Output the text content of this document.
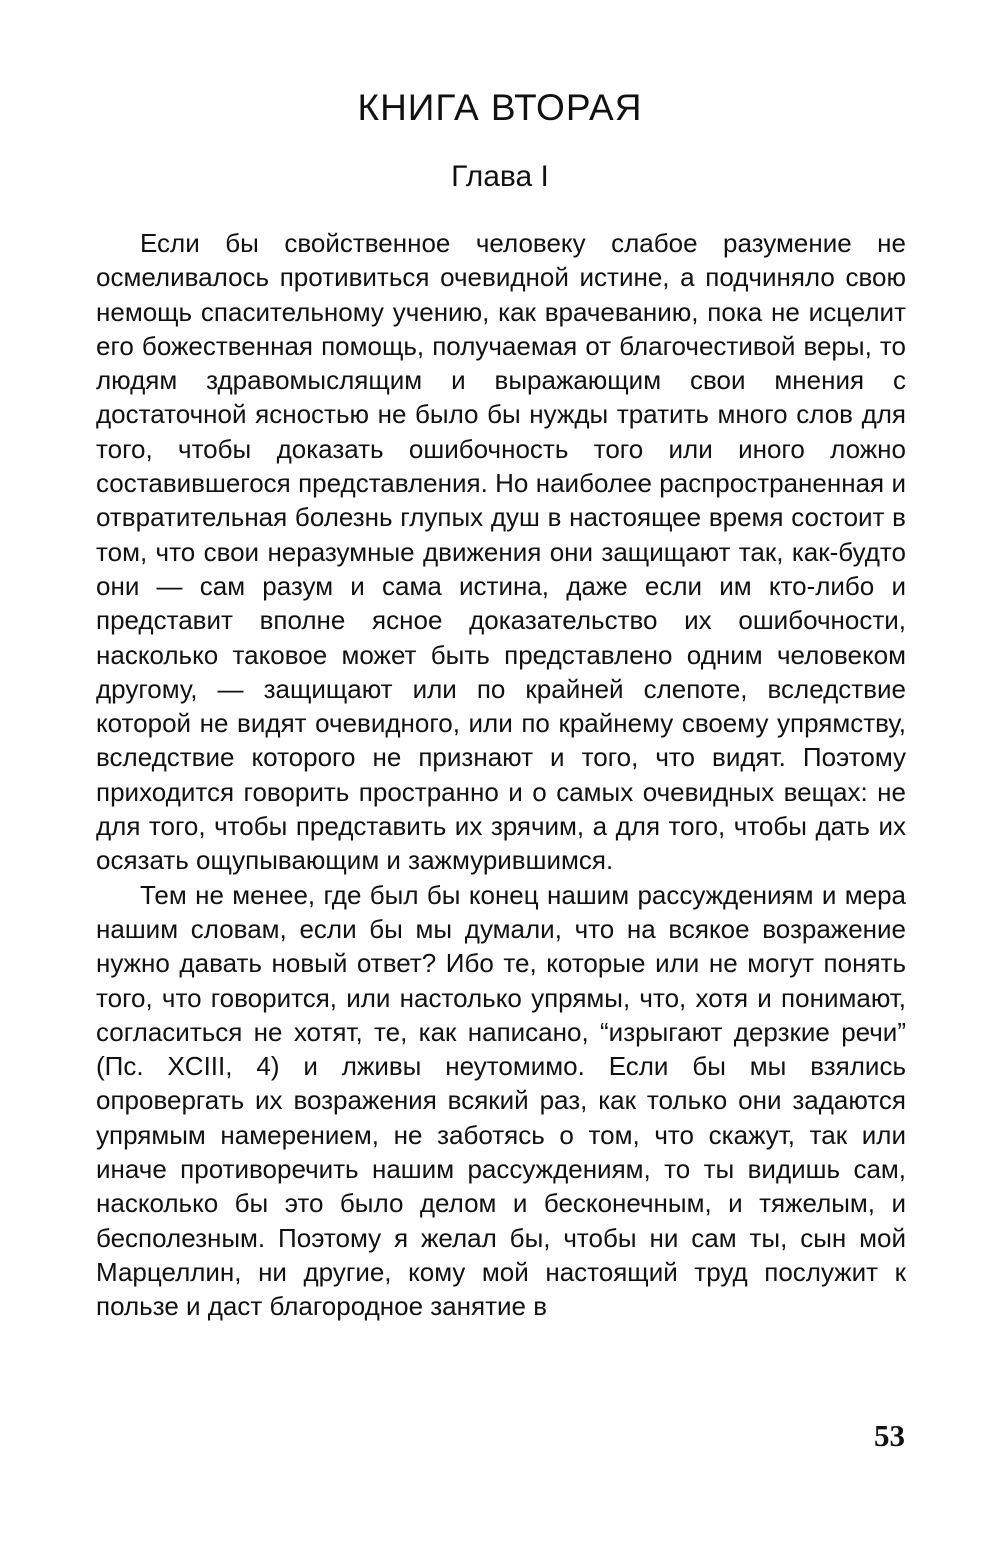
КНИГА ВТОРАЯ
Глава I

Если бы свойственное человеку слабое разумение не осмеливалось противиться очевидной истине, а подчиняло свою немощь спасительному учению, как врачеванию, пока не исцелит его божественная помощь, получаемая от благочестивой веры, то людям здравомыслящим и выражающим свои мнения с достаточной ясностью не было бы нужды тратить много слов для того, чтобы доказать ошибочность того или иного ложно составившегося представления. Но наиболее распространенная и отвратительная болезнь глупых душ в настоящее время состоит в том, что свои неразумные движения они защищают так, как-будто они — сам разум и сама истина, даже если им кто-либо и представит вполне ясное доказательство их ошибочности, насколько таковое может быть представлено одним человеком другому, — защищают или по крайней слепоте, вследствие которой не видят очевидного, или по крайнему своему упрямству, вследствие которого не признают и того, что видят. Поэтому приходится говорить пространно и о самых очевидных вещах: не для того, чтобы представить их зрячим, а для того, чтобы дать их осязать ощупывающим и зажмурившимся.

Тем не менее, где был бы конец нашим рассуждениям и мера нашим словам, если бы мы думали, что на всякое возражение нужно давать новый ответ? Ибо те, которые или не могут понять того, что говорится, или настолько упрямы, что, хотя и понимают, согласиться не хотят, те, как написано, “изрыгают дерзкие речи” (Пс. XCIII, 4) и лживы неутомимо. Если бы мы взялись опровергать их возражения всякий раз, как только они задаются упрямым намерением, не заботясь о том, что скажут, так или иначе противоречить нашим рассуждениям, то ты видишь сам, насколько бы это было делом и бесконечным, и тяжелым, и бесполезным. Поэтому я желал бы, чтобы ни сам ты, сын мой Марцеллин, ни другие, кому мой настоящий труд послужит к пользе и даст благородное занятие в

53
